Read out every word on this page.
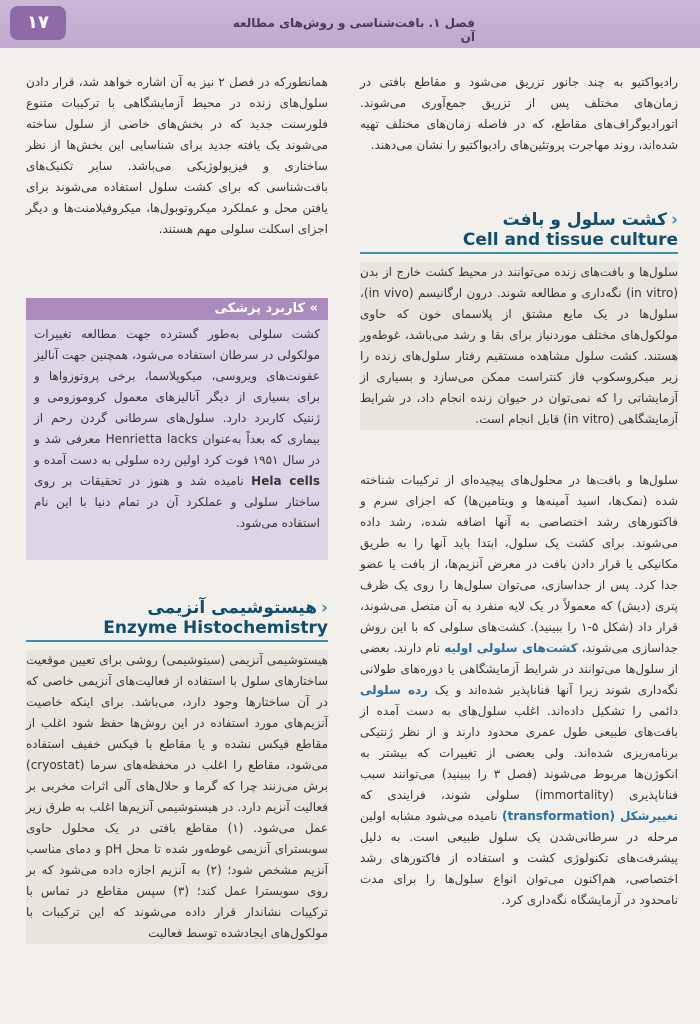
۱۷	فصل ۱. بافت‌شناسی و روش‌های مطالعه آن

رادیواکتیو به چند جانور تزریق می‌شود و مقاطع بافتی در زمان‌های مختلف پس از تزریق جمع‌آوری می‌شوند. اتورادیوگراف‌های مقاطع، که در فاصله زمان‌های مختلف تهیه شده‌اند، روند مهاجرت پروتئین‌های رادیواکتیو را نشان می‌دهند.

‹کشت سلول و بافت
Cell and tissue culture

سلول‌ها و بافت‌های زنده می‌توانند در محیط کشت خارج از بدن (in vitro) نگه‌داری و مطالعه شوند. درون ارگانیسم (in vivo)، سلول‌ها در یک مایع مشتق از پلاسمای خون که حاوی مولکول‌های مختلف موردنیاز برای بقا و رشد می‌باشد، غوطه‌ور هستند. کشت سلول مشاهده مستقیم رفتار سلول‌های زنده را زیر میکروسکوپ فاز کنتراست ممکن می‌سازد و بسیاری از آزمایشاتی را که نمی‌توان در حیوان زنده انجام داد، در شرایط آزمایشگاهی (in vitro) قابل انجام است.

سلول‌ها و بافت‌ها در محلول‌های پیچیده‌ای از ترکیبات شناخته شده (نمک‌ها، اسید آمینه‌ها و ویتامین‌ها) که اجزای سرم و فاکتورهای رشد اختصاصی به آنها اضافه شده، رشد داده می‌شوند. برای کشت یک سلول، ابتدا باید آنها را به طریق مکانیکی یا قرار دادن بافت در معرض آنزیم‌ها، از بافت یا عضو جدا کرد. پس از جداسازی، می‌توان سلول‌ها را روی یک ظرف پتری (دیش) که معمولاً در یک لایه منفرد به آن متصل می‌شوند، قرار داد (شکل ۵-۱ را ببینید). کشت‌های سلولی که با این روش جداسازی می‌شوند، کشت‌های سلولی اولیه نام دارند. بعضی از سلول‌ها می‌توانند در شرایط آزمایشگاهی یا دوره‌های طولانی نگه‌داری شوند زیرا آنها فناناپذیر شده‌اند و یک رده سلولی دائمی را تشکیل داده‌اند. اغلب سلول‌های به دست آمده از بافت‌های طبیعی طول عمری محدود دارند و از نظر ژنتیکی برنامه‌ریزی شده‌اند. ولی بعضی از تغییرات که بیشتر به انکوژن‌ها مربوط می‌شوند (فصل ۳ را ببینید) می‌توانند سبب فناناپذیری (immortality) سلولی شوند، فرایندی که تغییرشکل (transformation) نامیده می‌شود مشابه اولین مرحله در سرطانی‌شدن یک سلول طبیعی است. به دلیل پیشرفت‌های تکنولوژی کشت و استفاده از فاکتورهای رشد اختصاصی، هم‌اکنون می‌توان انواع سلول‌ها را برای مدت نامحدود در آزمایشگاه نگه‌داری کرد.

همانطورکه در فصل ۲ نیز به آن اشاره خواهد شد، قرار دادن سلول‌های زنده در محیط آزمایشگاهی با ترکیبات متنوع فلورسنت جدید که در بخش‌های خاصی از سلول ساخته می‌شوند یک یافته جدید برای شناسایی این بخش‌ها از نظر ساختاری و فیزیولوژیکی می‌باشد. سایر تکنیک‌های بافت‌شناسی که برای کشت سلول استفاده می‌شوند برای یافتن محل و عملکرد میکروتوبول‌ها، میکروفیلامنت‌ها و دیگر اجزای اسکلت سلولی مهم هستند.

» کاربرد پزشکی
کشت سلولی به‌طور گسترده جهت مطالعه تغییرات مولکولی در سرطان استفاده می‌شود، همچنین جهت آنالیز عفونت‌های ویروسی، میکوپلاسما، برخی پروتوزواها و برای بسیاری از دیگر آنالیزهای معمول کروموزومی و ژنتیک کاربرد دارد. سلول‌های سرطانی گردن رحم از بیماری که بعداً به‌عنوان Henrietta lacks معرفی شد و در سال ۱۹۵۱ فوت کرد اولین رده سلولی به دست آمده و Hela cells نامیده شد و هنوز در تحقیقات بر روی ساختار سلولی و عملکرد آن در تمام دنیا با این نام استفاده می‌شود.
‹هیستوشیمی آنزیمی
Enzyme Histochemistry

هیستوشیمی آنزیمی (سیتوشیمی) روشی برای تعیین موقعیت ساختارهای سلول با استفاده از فعالیت‌های آنزیمی خاصی که در آن ساختارها وجود دارد، می‌باشد. برای اینکه خاصیت آنزیم‌های مورد استفاده در این روش‌ها حفظ شود اغلب از مقاطع فیکس نشده و یا مقاطع با فیکس خفیف استفاده می‌شود، مقاطع را اغلب در محفظه‌های سرما (cryostat) برش می‌زنند چرا که گرما و حلال‌های آلی اثرات مخربی بر فعالیت آنزیم دارد. در هیستوشیمی آنزیم‌ها اغلب به طرق زیر عمل می‌شود. (۱) مقاطع بافتی در یک محلول حاوی سوبسترای آنزیمی غوطه‌ور شده تا محل pH و دمای مناسب آنزیم مشخص شود؛ (۲) به آنزیم اجازه داده می‌شود که بر روی سوبسترا عمل کند؛ (۳) سپس مقاطع در تماس با ترکیبات نشاندار قرار داده می‌شوند که این ترکیبات با مولکول‌های ایجادشده توسط فعالیت
